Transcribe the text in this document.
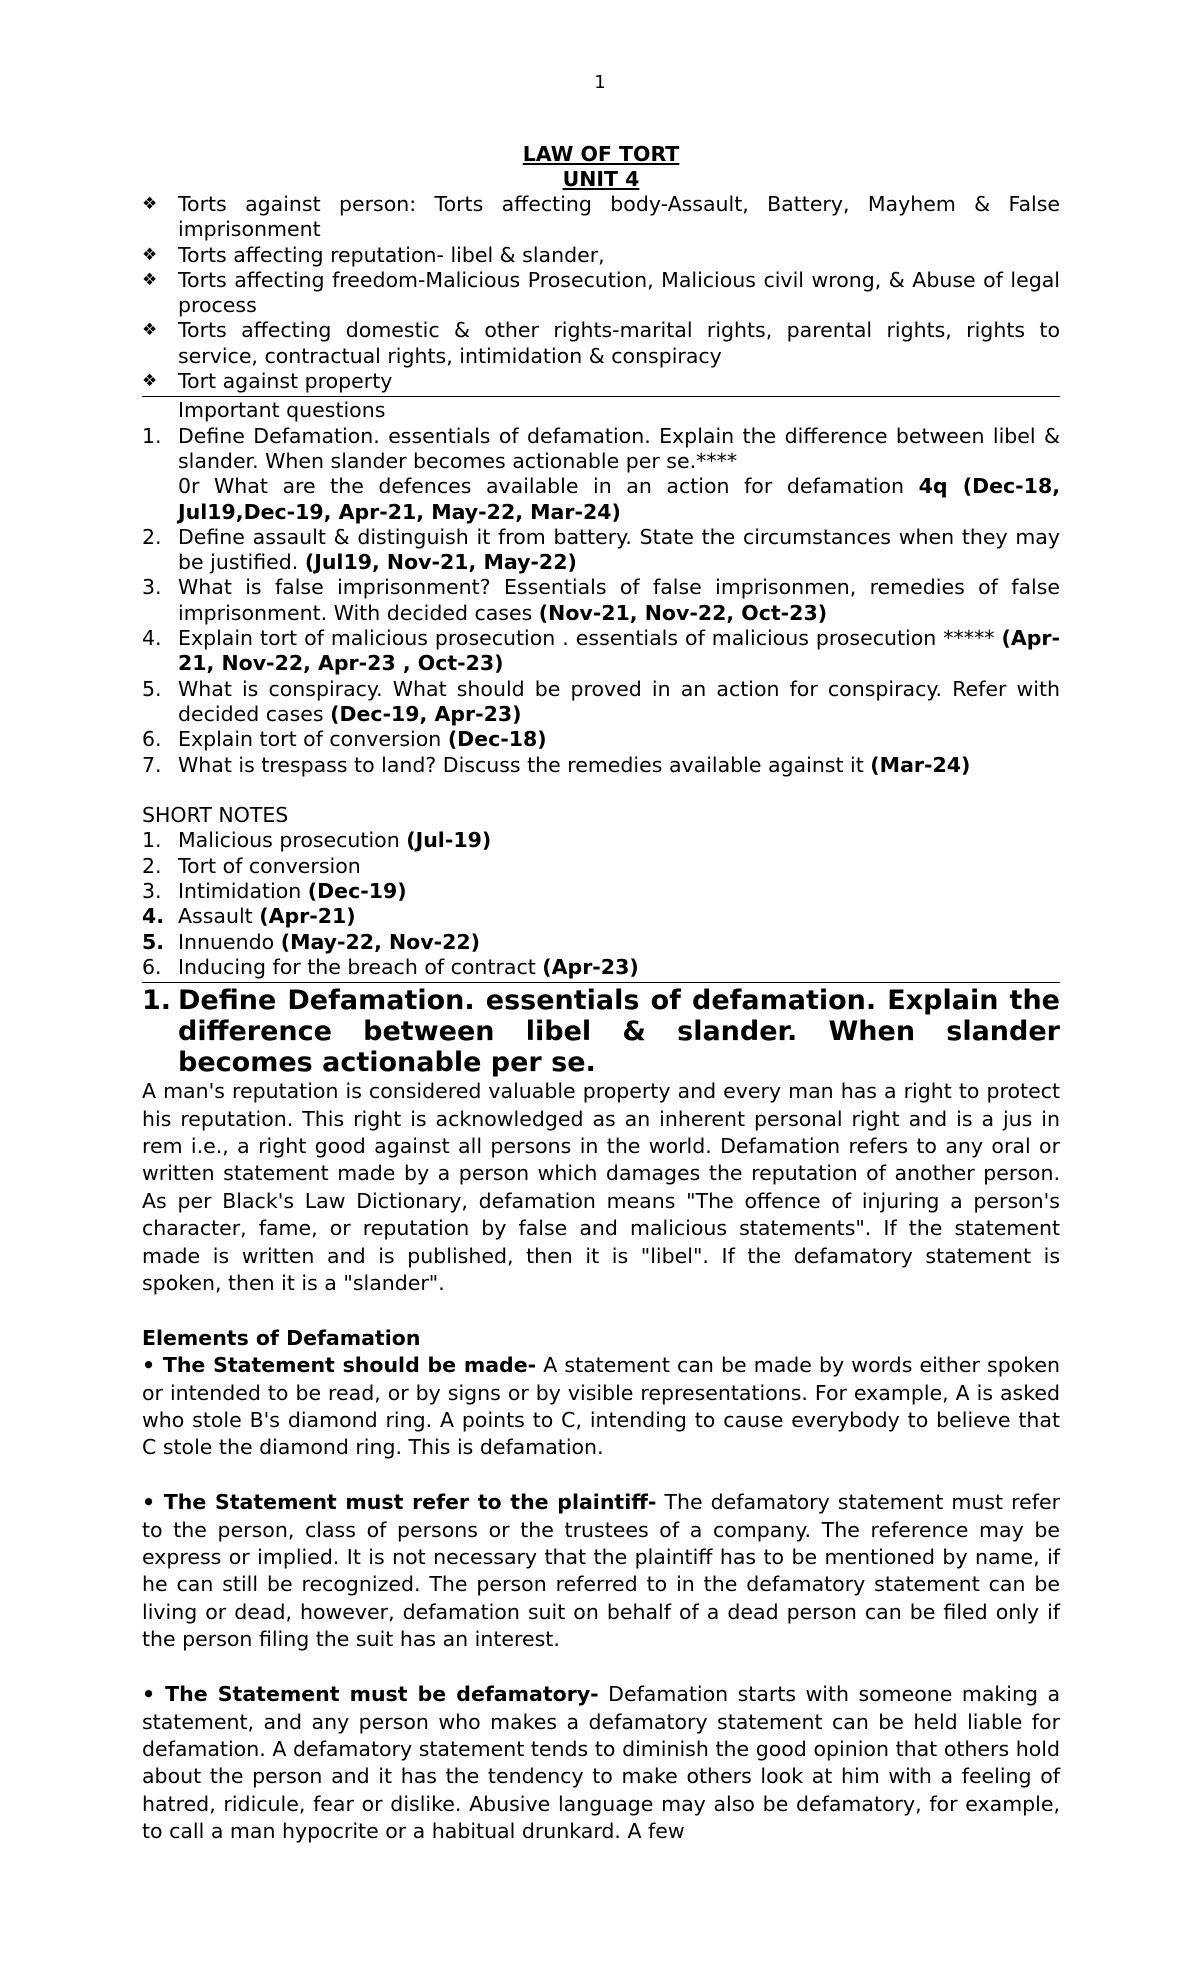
1
LAW OF TORT
UNIT 4
❖	Torts against person: Torts affecting body-Assault, Battery, Mayhem & False imprisonment
❖	Torts affecting reputation- libel & slander,
❖	Torts affecting freedom-Malicious Prosecution, Malicious civil wrong, & Abuse of legal process
❖	Torts affecting domestic & other rights-marital rights, parental rights, rights to service, contractual rights, intimidation & conspiracy
❖	Tort against property
Important questions
1. Define Defamation. essentials of defamation. Explain the difference between libel & slander. When slander becomes actionable per se.****
0r What are the defences available in an action for defamation 4q (Dec-18, Jul19,Dec-19, Apr-21, May-22, Mar-24)
2. Define assault & distinguish it from battery. State the circumstances when they may be justified. (Jul19, Nov-21, May-22)
3. What is false imprisonment? Essentials of false imprisonmen, remedies of false imprisonment. With decided cases (Nov-21, Nov-22, Oct-23)
4. Explain tort of malicious prosecution . essentials of malicious prosecution ***** (Apr-21, Nov-22, Apr-23 , Oct-23)
5. What is conspiracy. What should be proved in an action for conspiracy. Refer with decided cases (Dec-19, Apr-23)
6. Explain tort of conversion (Dec-18)
7. What is trespass to land? Discuss the remedies available against it (Mar-24)
SHORT NOTES
1. Malicious prosecution (Jul-19)
2. Tort of conversion
3. Intimidation (Dec-19)
4. Assault (Apr-21)
5. Innuendo (May-22, Nov-22)
6. Inducing for the breach of contract (Apr-23)
1. Define Defamation. essentials of defamation. Explain the difference between libel & slander. When slander becomes actionable per se.
A man's reputation is considered valuable property and every man has a right to protect his reputation. This right is acknowledged as an inherent personal right and is a jus in rem i.e., a right good against all persons in the world. Defamation refers to any oral or written statement made by a person which damages the reputation of another person. As per Black's Law Dictionary, defamation means "The offence of injuring a person's character, fame, or reputation by false and malicious statements". If the statement made is written and is published, then it is "libel". If the defamatory statement is spoken, then it is a "slander".
Elements of Defamation
• The Statement should be made- A statement can be made by words either spoken or intended to be read, or by signs or by visible representations. For example, A is asked who stole B's diamond ring. A points to C, intending to cause everybody to believe that C stole the diamond ring. This is defamation.
• The Statement must refer to the plaintiff- The defamatory statement must refer to the person, class of persons or the trustees of a company. The reference may be express or implied. It is not necessary that the plaintiff has to be mentioned by name, if he can still be recognized. The person referred to in the defamatory statement can be living or dead, however, defamation suit on behalf of a dead person can be filed only if the person filing the suit has an interest.
• The Statement must be defamatory- Defamation starts with someone making a statement, and any person who makes a defamatory statement can be held liable for defamation. A defamatory statement tends to diminish the good opinion that others hold about the person and it has the tendency to make others look at him with a feeling of hatred, ridicule, fear or dislike. Abusive language may also be defamatory, for example, to call a man hypocrite or a habitual drunkard. A few
